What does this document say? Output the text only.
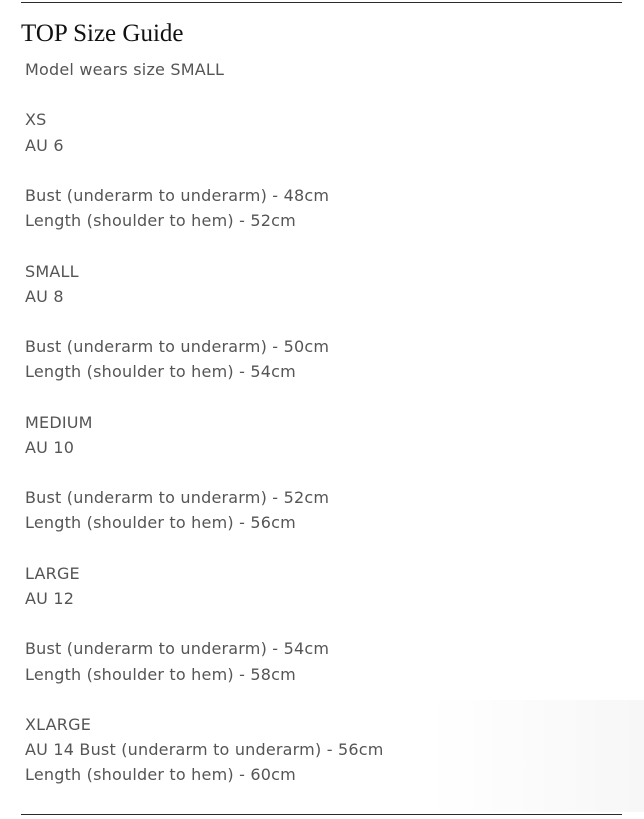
TOP Size Guide
Model wears size SMALL
XS
AU 6
Bust (underarm to underarm) - 48cm
Length (shoulder to hem) - 52cm
SMALL
AU 8
Bust (underarm to underarm) - 50cm
Length (shoulder to hem) - 54cm
MEDIUM
AU 10
Bust (underarm to underarm) - 52cm
Length (shoulder to hem) - 56cm
LARGE
AU 12
Bust (underarm to underarm) - 54cm
Length (shoulder to hem) - 58cm
XLARGE
AU 14 Bust (underarm to underarm) - 56cm
Length (shoulder to hem) - 60cm
